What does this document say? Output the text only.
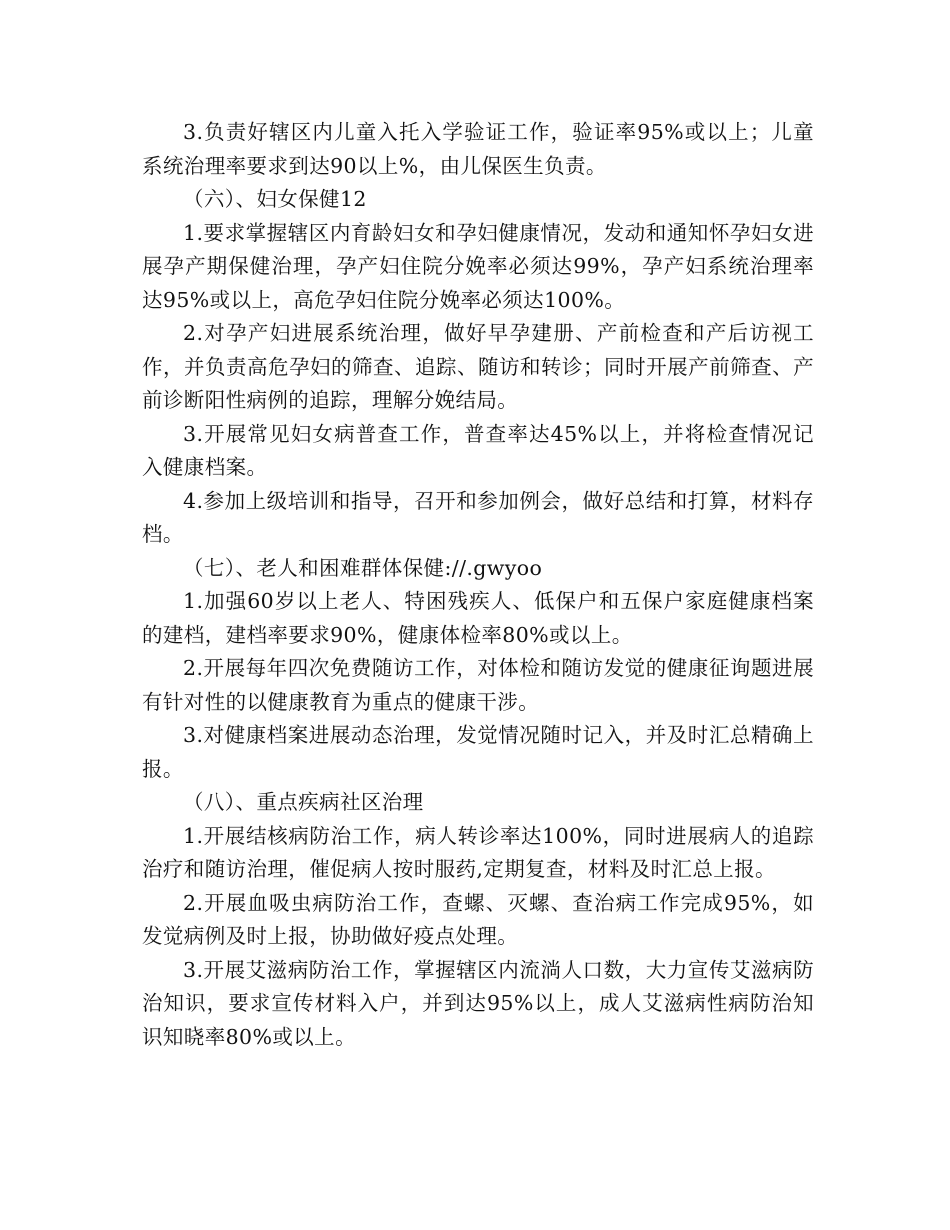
3.负责好辖区内儿童入托入学验证工作，验证率95%或以上；儿童系统治理率要求到达90以上%，由儿保医生负责。

（六）、妇女保健12

1.要求掌握辖区内育龄妇女和孕妇健康情况，发动和通知怀孕妇女进展孕产期保健治理，孕产妇住院分娩率必须达99%，孕产妇系统治理率达95%或以上，高危孕妇住院分娩率必须达100%。

2.对孕产妇进展系统治理，做好早孕建册、产前检查和产后访视工作，并负责高危孕妇的筛查、追踪、随访和转诊；同时开展产前筛查、产前诊断阳性病例的追踪，理解分娩结局。

3.开展常见妇女病普查工作，普查率达45%以上，并将检查情况记入健康档案。

4.参加上级培训和指导，召开和参加例会，做好总结和打算，材料存档。

（七）、老人和困难群体保健://.gwyoo

1.加强60岁以上老人、特困残疾人、低保户和五保户家庭健康档案的建档，建档率要求90%，健康体检率80%或以上。

2.开展每年四次免费随访工作，对体检和随访发觉的健康征询题进展有针对性的以健康教育为重点的健康干涉。

3.对健康档案进展动态治理，发觉情况随时记入，并及时汇总精确上报。

（八）、重点疾病社区治理

1.开展结核病防治工作，病人转诊率达100%，同时进展病人的追踪治疗和随访治理，催促病人按时服药,定期复查，材料及时汇总上报。

2.开展血吸虫病防治工作，查螺、灭螺、查治病工作完成95%，如发觉病例及时上报，协助做好疫点处理。

3.开展艾滋病防治工作，掌握辖区内流淌人口数，大力宣传艾滋病防治知识，要求宣传材料入户，并到达95%以上，成人艾滋病性病防治知识知晓率80%或以上。
